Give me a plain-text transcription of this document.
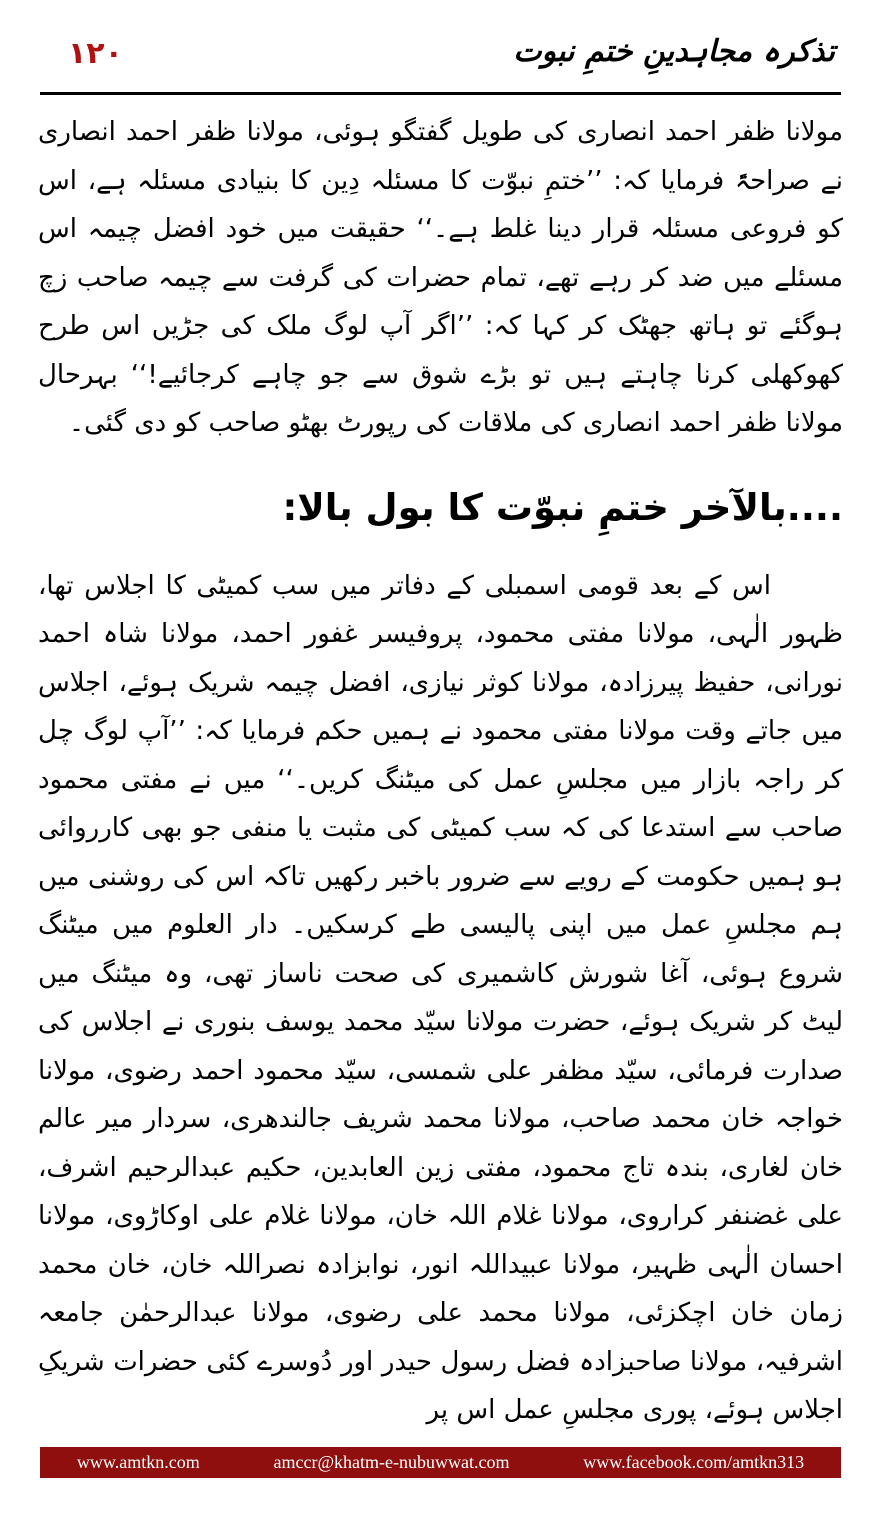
تذکرہ مجاہدینِ ختمِ نبوت
۱۲۰

مولانا ظفر احمد انصاری کی طویل گفتگو ہوئی، مولانا ظفر احمد انصاری نے صراحۃً فرمایا کہ: ’’ختمِ نبوّت کا مسئلہ دِین کا بنیادی مسئلہ ہے، اس کو فروعی مسئلہ قرار دینا غلط ہے۔‘‘ حقیقت میں خود افضل چیمہ اس مسئلے میں ضد کر رہے تھے، تمام حضرات کی گرفت سے چیمہ صاحب زچ ہوگئے تو ہاتھ جھٹک کر کہا کہ: ’’اگر آپ لوگ ملک کی جڑیں اس طرح کھوکھلی کرنا چاہتے ہیں تو بڑے شوق سے جو چاہے کرجائیے!‘‘ بہرحال مولانا ظفر احمد انصاری کی ملاقات کی رپورٹ بھٹو صاحب کو دی گئی۔

....بالآخر ختمِ نبوّت کا بول بالا:

اس کے بعد قومی اسمبلی کے دفاتر میں سب کمیٹی کا اجلاس تھا، ظہور الٰہی، مولانا مفتی محمود، پروفیسر غفور احمد، مولانا شاہ احمد نورانی، حفیظ پیرزادہ، مولانا کوثر نیازی، افضل چیمہ شریک ہوئے، اجلاس میں جاتے وقت مولانا مفتی محمود نے ہمیں حکم فرمایا کہ: ’’آپ لوگ چل کر راجہ بازار میں مجلسِ عمل کی میٹنگ کریں۔‘‘ میں نے مفتی محمود صاحب سے استدعا کی کہ سب کمیٹی کی مثبت یا منفی جو بھی کارروائی ہو ہمیں حکومت کے رویے سے ضرور باخبر رکھیں تاکہ اس کی روشنی میں ہم مجلسِ عمل میں اپنی پالیسی طے کرسکیں۔ دار العلوم میں میٹنگ شروع ہوئی، آغا شورش کاشمیری کی صحت ناساز تھی، وہ میٹنگ میں لیٹ کر شریک ہوئے، حضرت مولانا سیّد محمد یوسف بنوری نے اجلاس کی صدارت فرمائی، سیّد مظفر علی شمسی، سیّد محمود احمد رضوی، مولانا خواجہ خان محمد صاحب، مولانا محمد شریف جالندھری، سردار میر عالم خان لغاری، بندہ تاج محمود، مفتی زین العابدین، حکیم عبدالرحیم اشرف، علی غضنفر کراروی، مولانا غلام اللہ خان، مولانا غلام علی اوکاڑوی، مولانا احسان الٰہی ظہیر، مولانا عبیداللہ انور، نوابزادہ نصراللہ خان، خان محمد زمان خان اچکزئی، مولانا محمد علی رضوی، مولانا عبدالرحمٰن جامعہ اشرفیہ، مولانا صاحبزادہ فضل رسول حیدر اور دُوسرے کئی حضرات شریکِ اجلاس ہوئے، پوری مجلسِ عمل اس پر

www.amtkn.com	amccr@khatm-e-nubuwwat.com	www.facebook.com/amtkn313
